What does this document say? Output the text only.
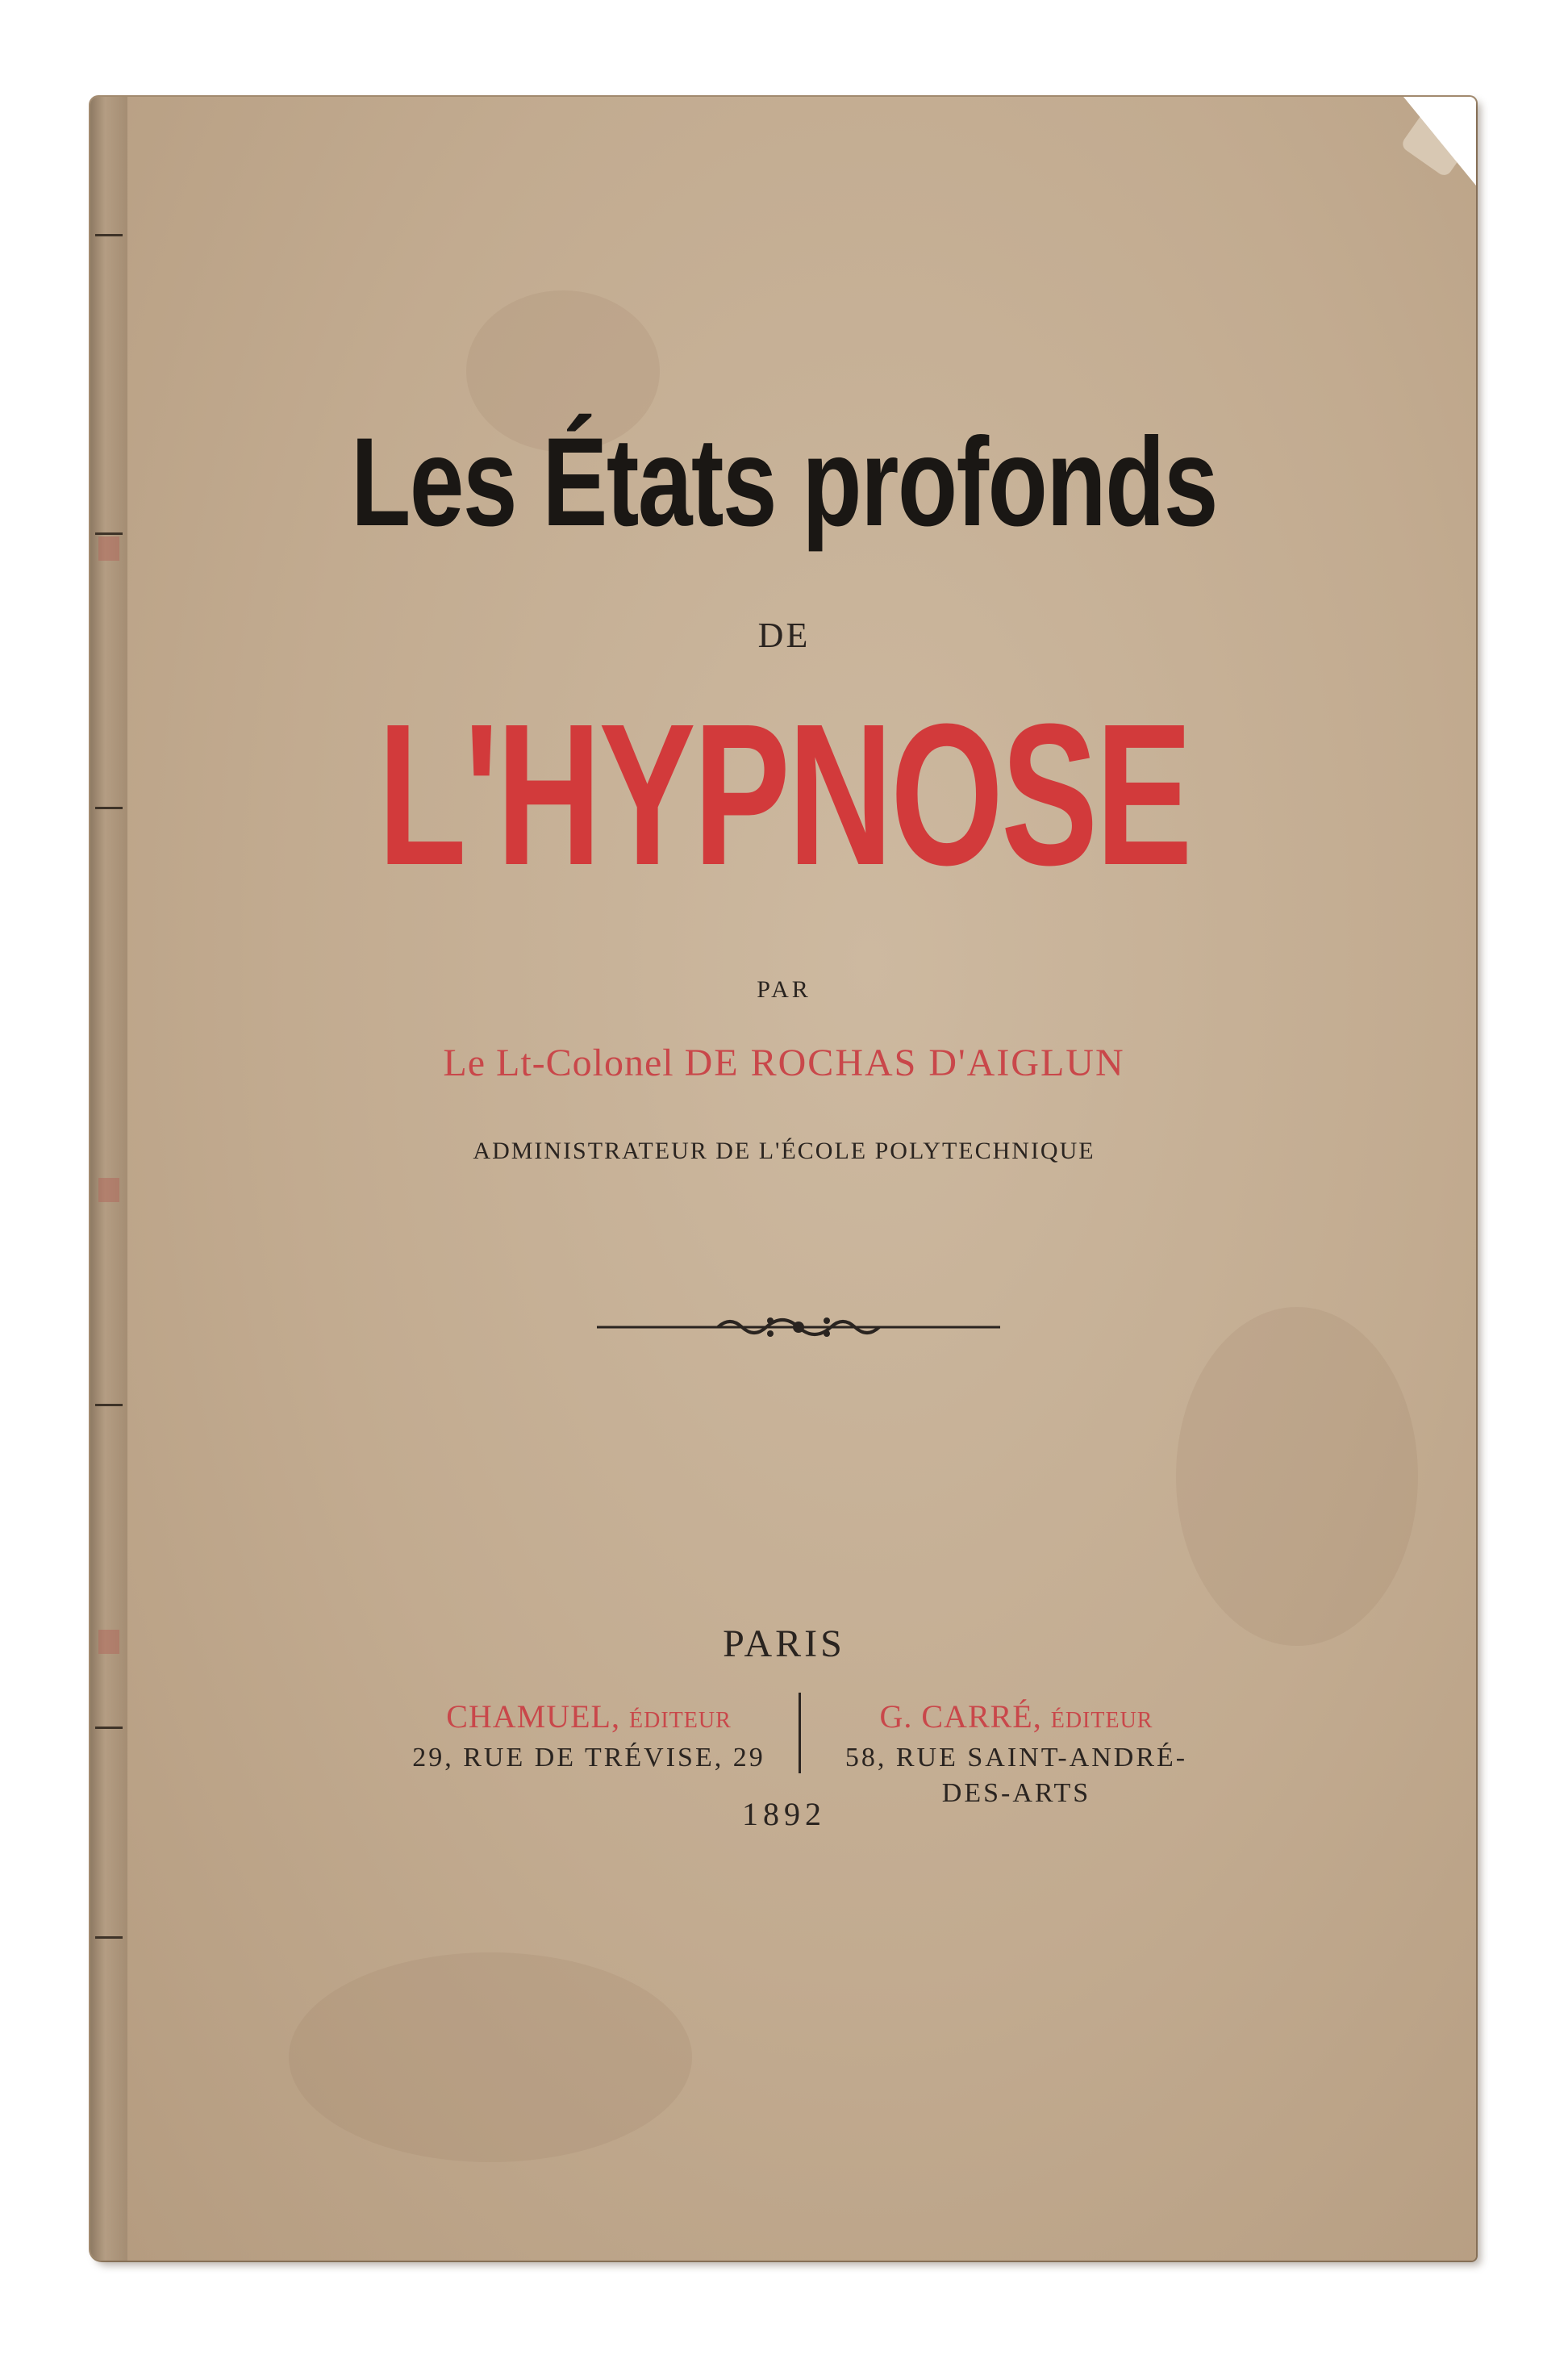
Les États profonds
DE
L'HYPNOSE
PAR
Le Lt-Colonel DE ROCHAS D'AIGLUN
ADMINISTRATEUR DE L'ÉCOLE POLYTECHNIQUE
PARIS
CHAMUEL, ÉDITEUR
29, RUE DE TRÉVISE, 29
G. CARRÉ, ÉDITEUR
58, RUE SAINT-ANDRÉ-DES-ARTS
1892
